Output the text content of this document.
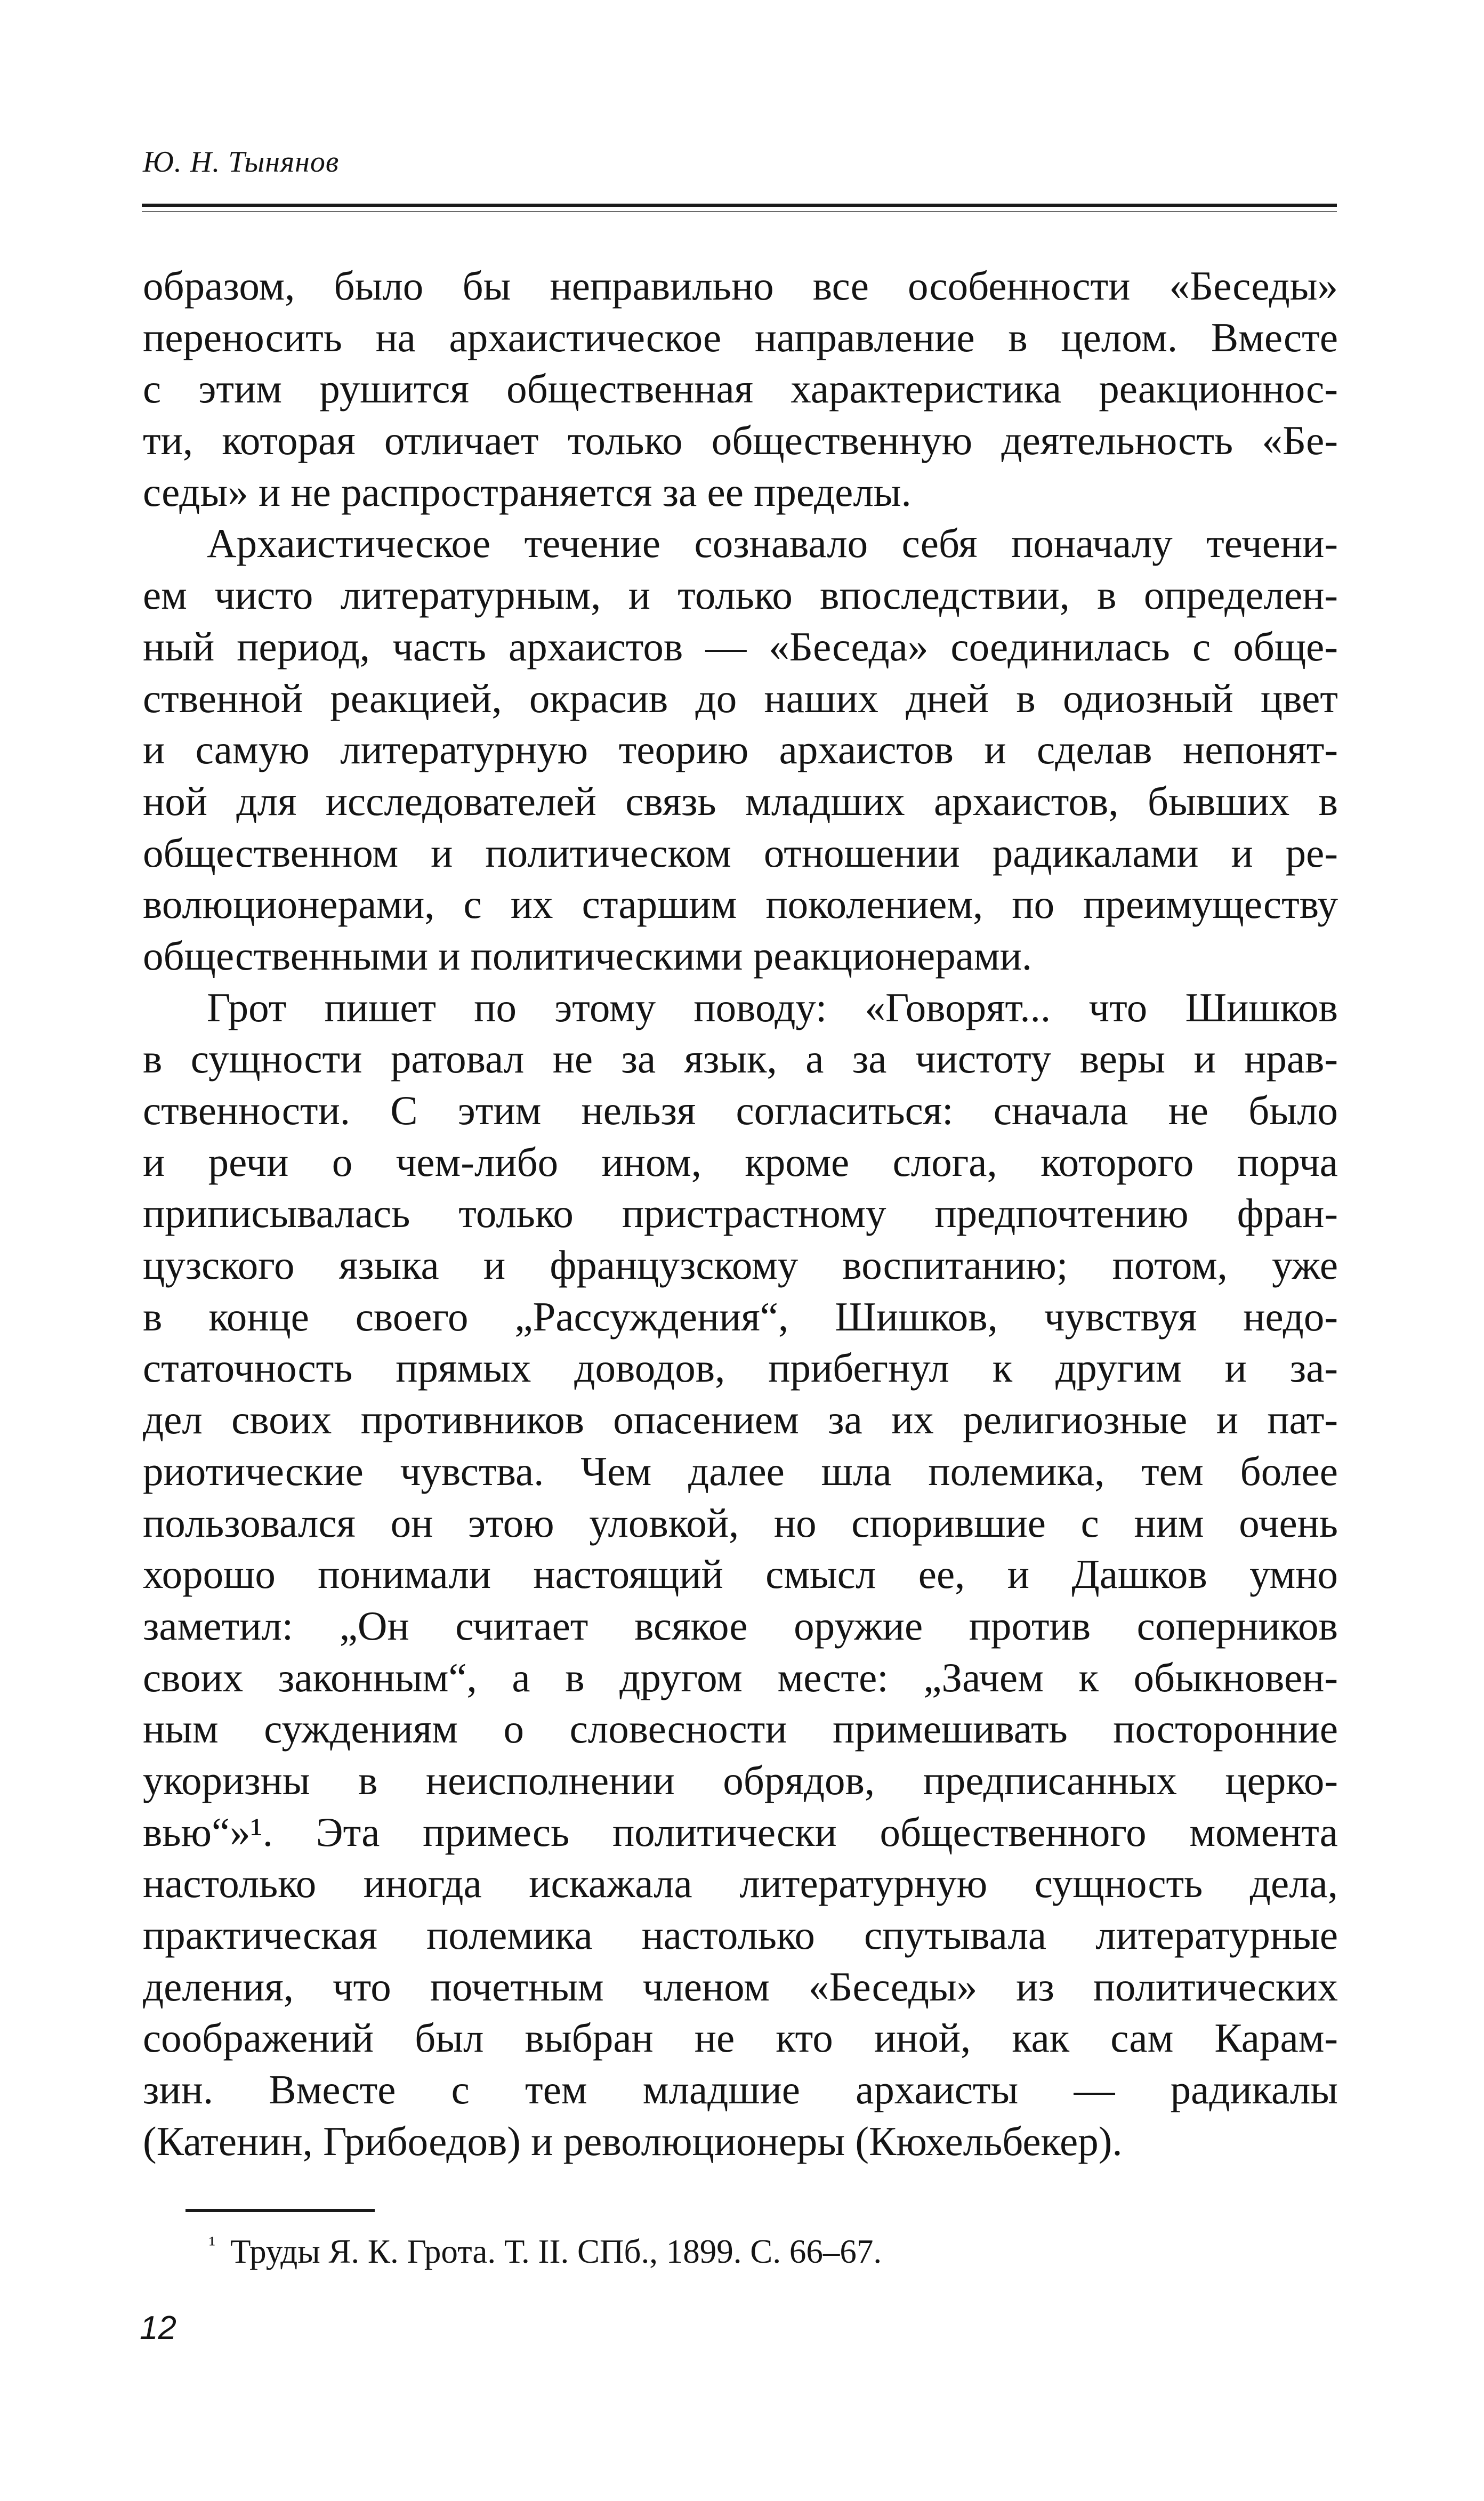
Ю. Н. Тынянов
образом, было бы неправильно все особенности «Беседы»
переносить на архаистическое направление в целом. Вместе
с этим рушится общественная характеристика реакционнос-
ти, которая отличает только общественную деятельность «Бе-
седы» и не распространяется за ее пределы.
Архаистическое течение сознавало себя поначалу течени-
ем чисто литературным, и только впоследствии, в определен-
ный период, часть архаистов — «Беседа» соединилась с обще-
ственной реакцией, окрасив до наших дней в одиозный цвет
и самую литературную теорию архаистов и сделав непонят-
ной для исследователей связь младших архаистов, бывших в
общественном и политическом отношении радикалами и ре-
волюционерами, с их старшим поколением, по преимуществу
общественными и политическими реакционерами.
Грот пишет по этому поводу: «Говорят... что Шишков
в сущности ратовал не за язык, а за чистоту веры и нрав-
ственности. С этим нельзя согласиться: сначала не было
и речи о чем-либо ином, кроме слога, которого порча
приписывалась только пристрастному предпочтению фран-
цузского языка и французскому воспитанию; потом, уже
в конце своего „Рассуждения“, Шишков, чувствуя недо-
статочность прямых доводов, прибегнул к другим и за-
дел своих противников опасением за их религиозные и пат-
риотические чувства. Чем далее шла полемика, тем более
пользовался он этою уловкой, но спорившие с ним очень
хорошо понимали настоящий смысл ее, и Дашков умно
заметил: „Он считает всякое оружие против соперников
своих законным“, а в другом месте: „Зачем к обыкновен-
ным суждениям о словесности примешивать посторонние
укоризны в неисполнении обрядов, предписанных церко-
вью“»¹. Эта примесь политически общественного момента
настолько иногда искажала литературную сущность дела,
практическая полемика настолько спутывала литературные
деления, что почетным членом «Беседы» из политических
соображений был выбран не кто иной, как сам Карам-
зин. Вместе с тем младшие архаисты — радикалы
(Катенин, Грибоедов) и революционеры (Кюхельбекер).
$^{^1}$ Труды Я. К. Грота. Т. II. СПб., 1899. С. 66–67.
12
